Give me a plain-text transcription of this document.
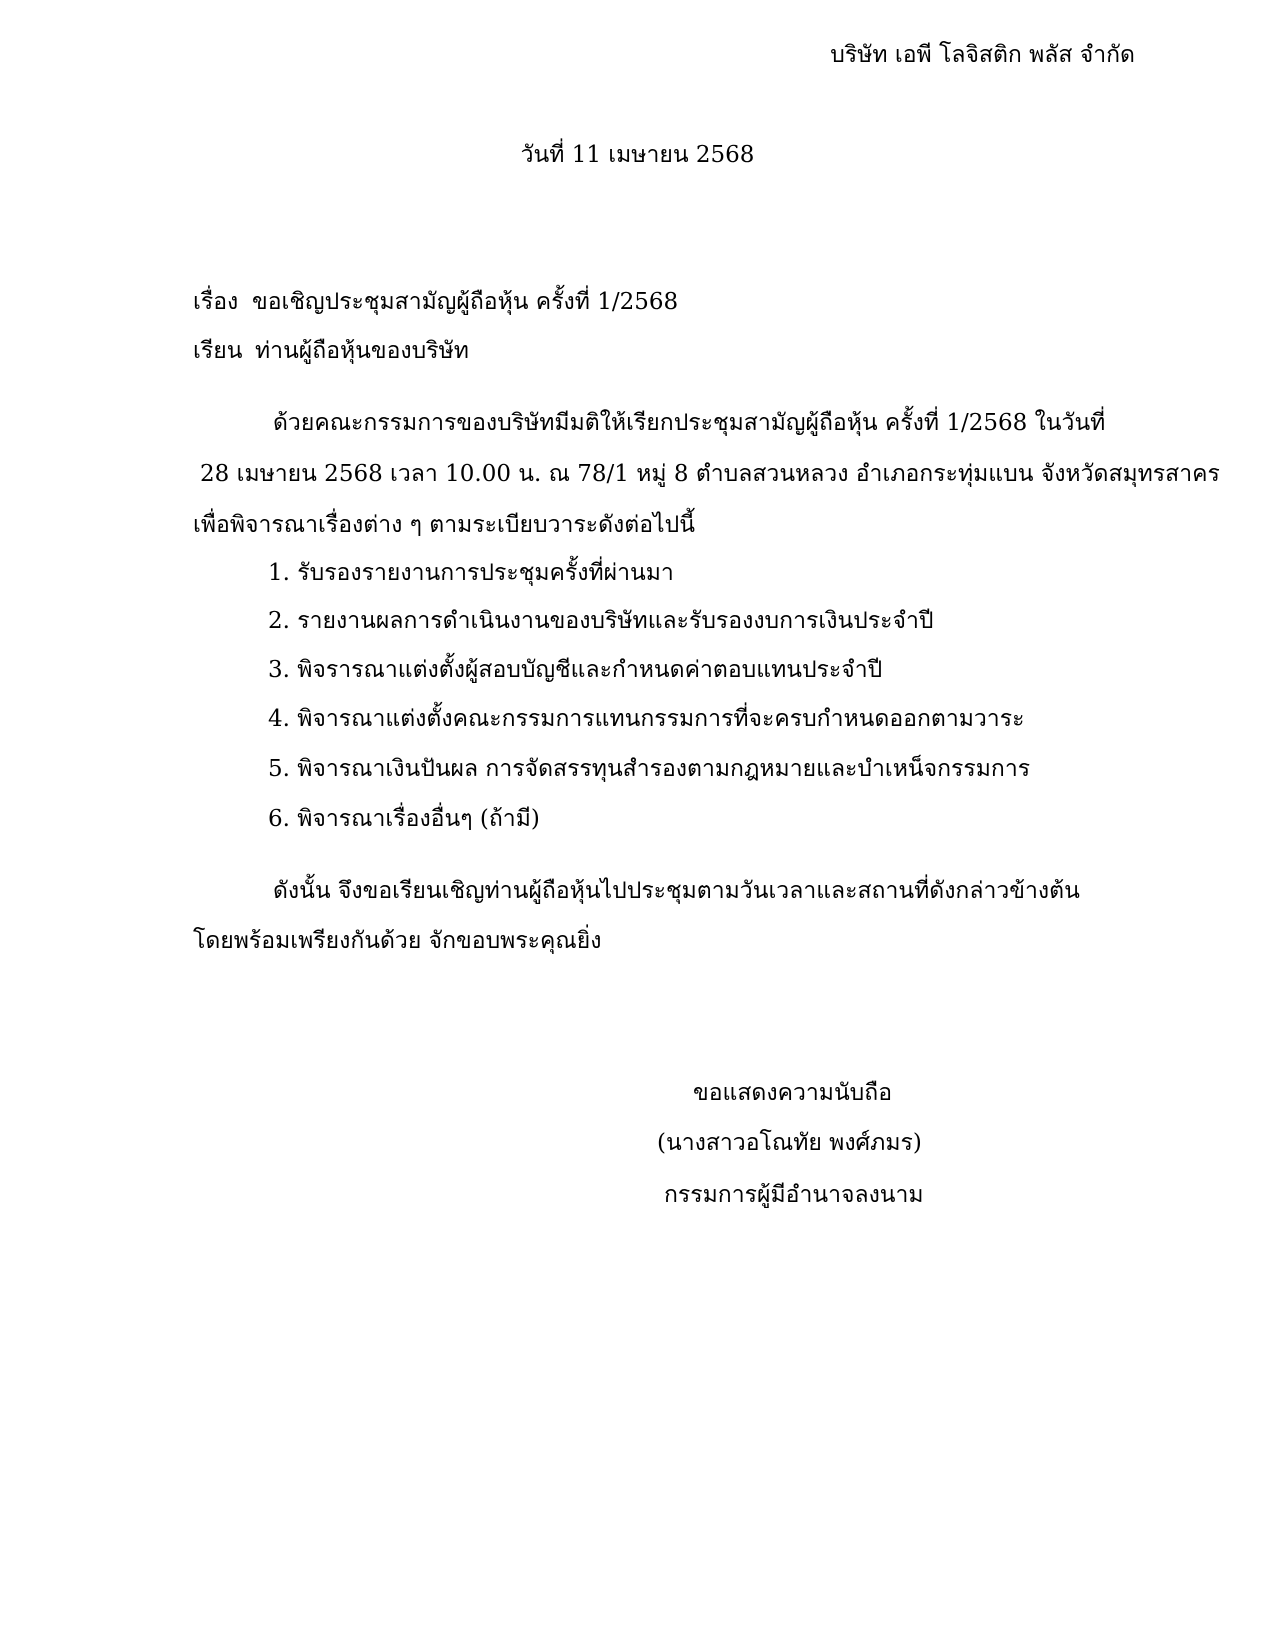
บริษัท เอพี โลจิสติก พลัส จำกัด
วันที่ 11 เมษายน 2568
เรื่อง ขอเชิญประชุมสามัญผู้ถือหุ้น ครั้งที่ 1/2568
เรียน ท่านผู้ถือหุ้นของบริษัท
ด้วยคณะกรรมการของบริษัทมีมติให้เรียกประชุมสามัญผู้ถือหุ้น ครั้งที่ 1/2568 ในวันที่
28 เมษายน 2568 เวลา 10.00 น. ณ 78/1 หมู่ 8 ตำบลสวนหลวง อำเภอกระทุ่มแบน จังหวัดสมุทรสาคร
เพื่อพิจารณาเรื่องต่าง ๆ ตามระเบียบวาระดังต่อไปนี้
1. รับรองรายงานการประชุมครั้งที่ผ่านมา
2. รายงานผลการดำเนินงานของบริษัทและรับรองงบการเงินประจำปี
3. พิจรารณาแต่งตั้งผู้สอบบัญชีและกำหนดค่าตอบแทนประจำปี
4. พิจารณาแต่งตั้งคณะกรรมการแทนกรรมการที่จะครบกำหนดออกตามวาระ
5. พิจารณาเงินปันผล การจัดสรรทุนสำรองตามกฎหมายและบำเหน็จกรรมการ
6. พิจารณาเรื่องอื่นๆ (ถ้ามี)
ดังนั้น จึงขอเรียนเชิญท่านผู้ถือหุ้นไปประชุมตามวันเวลาและสถานที่ดังกล่าวข้างต้น
โดยพร้อมเพรียงกันด้วย จักขอบพระคุณยิ่ง
ขอแสดงความนับถือ
(นางสาวอโณทัย พงศ์ภมร)
กรรมการผู้มีอำนาจลงนาม
